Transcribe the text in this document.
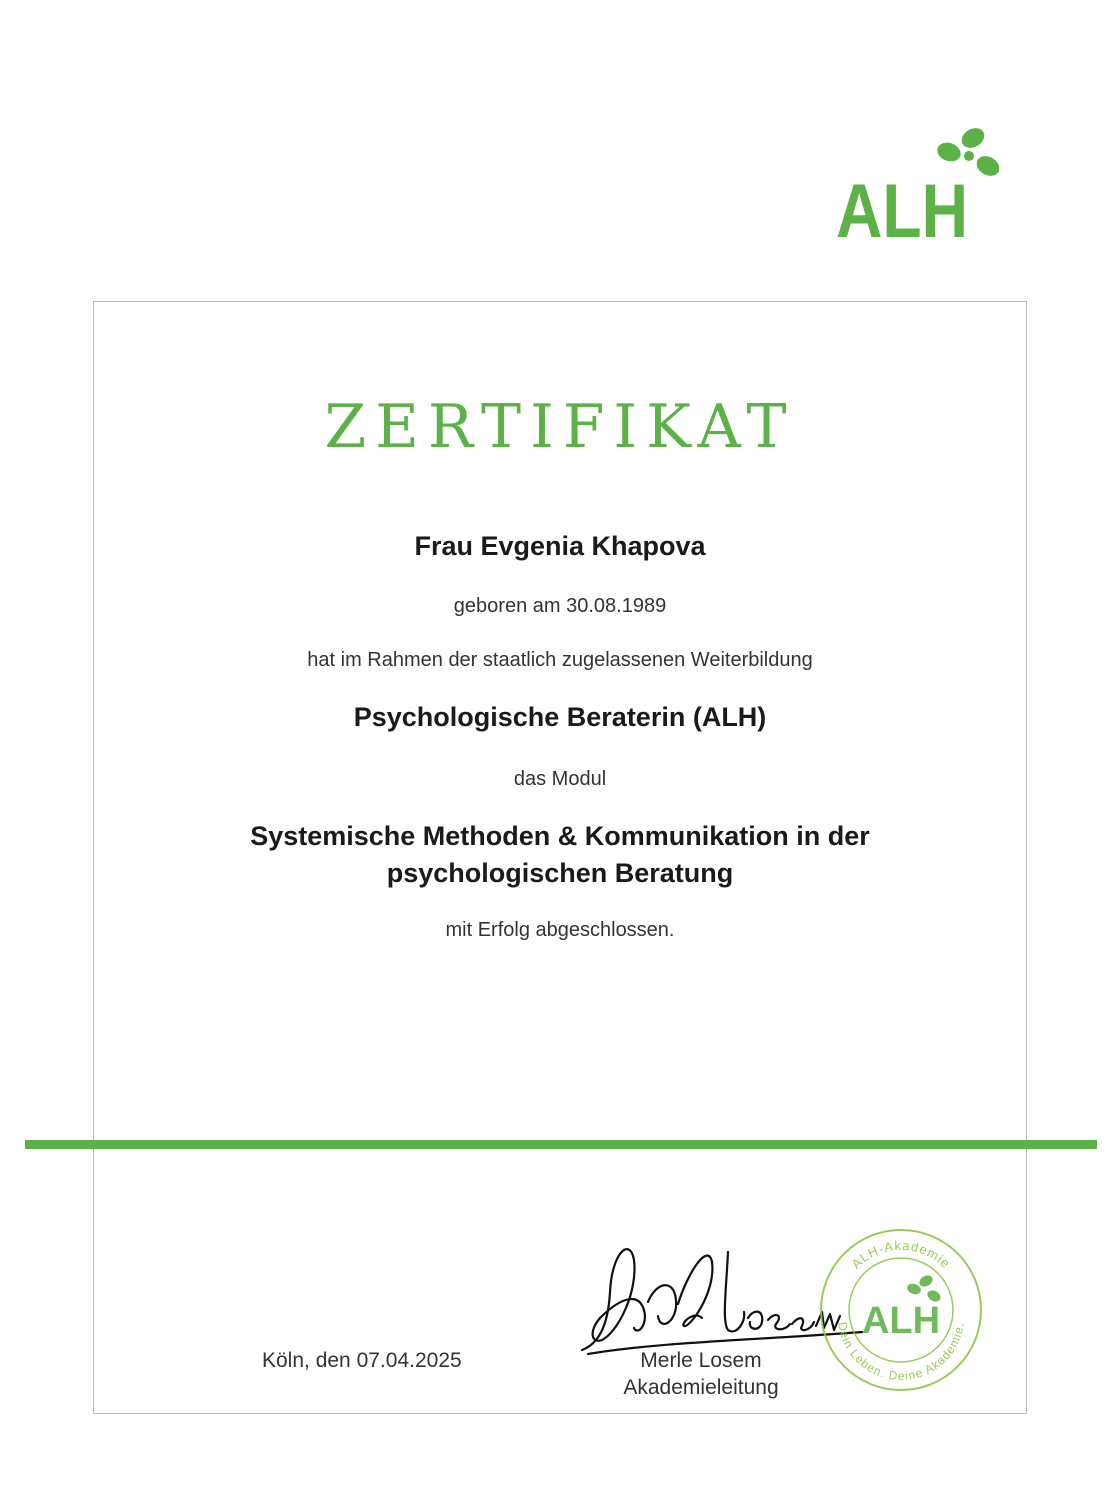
ALH
ZERTIFIKAT
Frau Evgenia Khapova
geboren am 30.08.1989
hat im Rahmen der staatlich zugelassenen Weiterbildung
Psychologische Beraterin (ALH)
das Modul
Systemische Methoden & Kommunikation in der
psychologischen Beratung
mit Erfolg abgeschlossen.
Köln, den 07.04.2025	Merle Losem
Akademieleitung
ALH-Akademie
Dein Leben. Deine Akademie.
ALH
